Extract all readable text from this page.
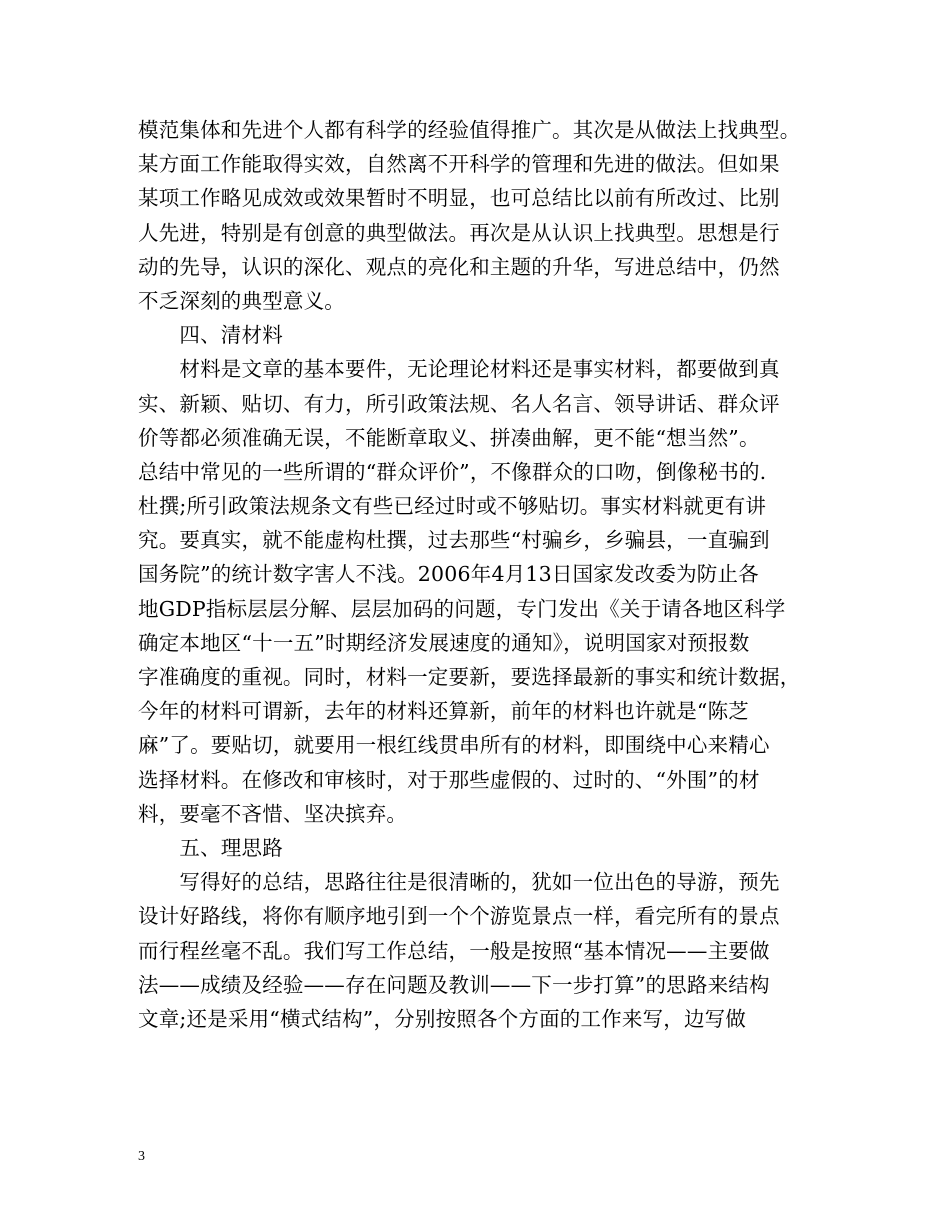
模范集体和先进个人都有科学的经验值得推广。其次是从做法上找典型。
某方面工作能取得实效，自然离不开科学的管理和先进的做法。但如果
某项工作略见成效或效果暂时不明显，也可总结比以前有所改过、比别
人先进，特别是有创意的典型做法。再次是从认识上找典型。思想是行
动的先导，认识的深化、观点的亮化和主题的升华，写进总结中，仍然
不乏深刻的典型意义。
　　四、清材料
　　材料是文章的基本要件，无论理论材料还是事实材料，都要做到真
实、新颖、贴切、有力，所引政策法规、名人名言、领导讲话、群众评
价等都必须准确无误，不能断章取义、拼凑曲解，更不能“想当然”。
总结中常见的一些所谓的“群众评价”，不像群众的口吻，倒像秘书的.
杜撰;所引政策法规条文有些已经过时或不够贴切。事实材料就更有讲
究。要真实，就不能虚构杜撰，过去那些“村骗乡，乡骗县，一直骗到
国务院”的统计数字害人不浅。2006年4月13日国家发改委为防止各
地GDP指标层层分解、层层加码的问题，专门发出《关于请各地区科学
确定本地区“十一五”时期经济发展速度的通知》，说明国家对预报数
字准确度的重视。同时，材料一定要新，要选择最新的事实和统计数据，
今年的材料可谓新，去年的材料还算新，前年的材料也许就是“陈芝
麻”了。要贴切，就要用一根红线贯串所有的材料，即围绕中心来精心
选择材料。在修改和审核时，对于那些虚假的、过时的、“外围”的材
料，要毫不吝惜、坚决摈弃。
　　五、理思路
　　写得好的总结，思路往往是很清晰的，犹如一位出色的导游，预先
设计好路线，将你有顺序地引到一个个游览景点一样，看完所有的景点
而行程丝毫不乱。我们写工作总结，一般是按照“基本情况——主要做
法——成绩及经验——存在问题及教训——下一步打算”的思路来结构
文章;还是采用“横式结构”，分别按照各个方面的工作来写，边写做
3
